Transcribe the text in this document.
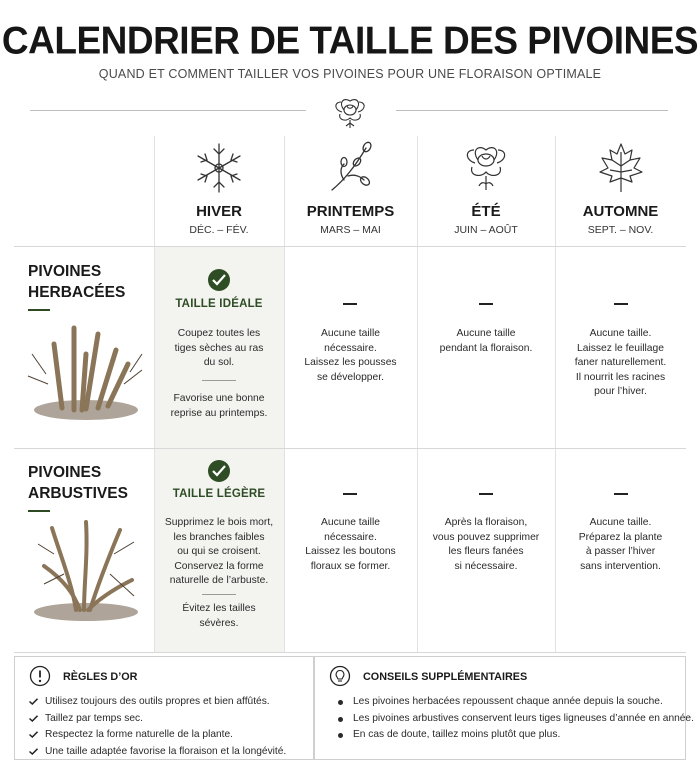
CALENDRIER DE TAILLE DES PIVOINES
QUAND ET COMMENT TAILLER VOS PIVOINES POUR UNE FLORAISON OPTIMALE
HIVER
DÉC. – FÉV.
PRINTEMPS
MARS – MAI
ÉTÉ
JUIN – AOÛT
AUTOMNE
SEPT. – NOV.
PIVOINES
HERBACÉES
TAILLE IDÉALE
Coupez toutes les
tiges sèches au ras
du sol.
Favorise une bonne
reprise au printemps.
Aucune taille
nécessaire.
Laissez les pousses
se développer.
Aucune taille
pendant la floraison.
Aucune taille.
Laissez le feuillage
faner naturellement.
Il nourrit les racines
pour l’hiver.
PIVOINES
ARBUSTIVES	TAILLE LÉGÈRE
Supprimez le bois mort,
les branches faibles
ou qui se croisent.
Conservez la forme
naturelle de l’arbuste.
Évitez les tailles
sévères.
Aucune taille
nécessaire.
Laissez les boutons
floraux se former.
Après la floraison,
vous pouvez supprimer
les fleurs fanées
si nécessaire.
Aucune taille.
Préparez la plante
à passer l’hiver
sans intervention.
RÈGLES D’OR
Utilisez toujours des outils propres et bien affûtés.
Taillez par temps sec.
Respectez la forme naturelle de la plante.
Une taille adaptée favorise la floraison et la longévité.
CONSEILS SUPPLÉMENTAIRES
Les pivoines herbacées repoussent chaque année depuis la souche.
Les pivoines arbustives conservent leurs tiges ligneuses d’année en année.
En cas de doute, taillez moins plutôt que plus.
